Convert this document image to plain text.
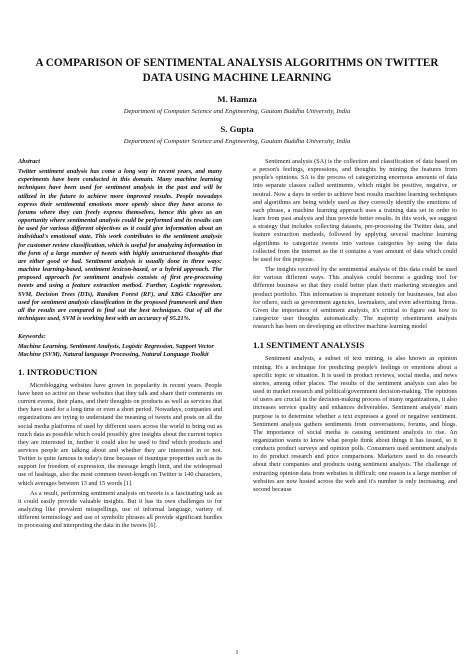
A COMPARISON OF SENTIMENTAL ANALYSIS ALGORITHMS ON TWITTER DATA USING MACHINE LEARNING

M. Hamza

Department of Computer Science and Engineering, Gautam Buddha University, India

S. Gupta

Department of Computer Science and Engineering, Gautam Buddha University, India

Abstract

Twitter sentiment analysis has come a long way in recent years, and many experiments have been conducted in this domain. Many machine learning techniques have been used for sentiment analysis in the past and will be utilized in the future to achieve more improved results. People nowadays express their sentimental emotions more openly since they have access to forums where they can freely express themselves, hence this gives us an opportunity where sentimental analysis could be performed and its results can be used for various different objectives as it could give information about an individual's emotional state. This work contributes to the sentiment analysis for customer review classification, which is useful for analyzing information in the form of a large number of tweets with highly unstructured thoughts that are either good or bad. Sentiment analysis is usually done in three ways: machine learning-based, sentiment lexicon-based, or a hybrid approach. The proposed approach for sentiment analysis consists of first pre-processing tweets and using a feature extraction method. Further, Logistic regression, SVM, Decision Trees (DTs), Random Forest (RF), and XBG Classifier are used for sentiment analysis classification in the proposed framework and then all the results are compared to find out the best techniques. Out of all the techniques used, SVM is working best with an accuracy of 95.21%.

Keywords:

Machine Learning, Sentiment Analysis, Logistic Regression, Support Vector Machine (SVM), Natural language Processing, Natural Language Toolkit

1. INTRODUCTION

Microblogging websites have grown in popularity in recent years. People have been so active on these websites that they talk and share their comments on current events, their plans, and their thoughts on products as well as services that they have used for a long time or even a short period. Nowadays, companies and organizations are trying to understand the meaning of tweets and posts on all the social media platforms of used by different users across the world to bring out as much data as possible which could possibly give insights about the current topics they are interested in, further it could also be used to find which products and services people are talking about and whether they are interested in or not. Twitter is quite famous in today's time because of itsunique properties such as its support for freedom of expression, the message length limit, and the widespread use of hashtags, also the most common tweet-length on Twitter is 140 characters, which averages between 13 and 15 words [1].

As a result, performing sentiment analysis on tweets is a fascinating task as it could easily provide valuable insights. But it has its own challenges to for analyzing like prevalent misspellings, use of informal language, variety of different terminology and use of symbolic phrases all provide significant hurdles in processing and interpreting the data in the tweets [6].

Sentiment analysis (SA) is the collection and classification of data based on a person's feelings, expressions, and thoughts by mining the features from people's opinions. SA is the process of categorizing enormous amounts of data into separate classes called sentiments, which might be positive, negative, or neutral. Now a days in order to achieve best results machine learning techniques and algorithms are being widely used as they correctly identify the emotions of each phrase, a machine learning approach uses a training data set in order to learn from past analysis and thus provide better results. In this work, we suggest a strategy that includes collecting datasets, pre-processing the Twitter data, and feature extraction methods, followed by applying several machine learning algorithms to categorize tweets into various categories by using the data collected from the internet as the it contains a vast amount of data which could be used for this purpose.

The insights received by the sentimental analysis of this data could be used for various different ways. This analysis could become a guiding tool for different business so that they could better plan their marketing strategies and product portfolio. This information is important notonly for businesses, but also for others, such as government agencies, lawmakers, and even advertising firms. Given the importance of sentiment analysis, it's critical to figure out how to categorize user thoughts automatically. The majority ofsentiment analysis research has been on developing an effective machine learning model

1.1 SENTIMENT ANALYSIS

Sentiment analysis, a subset of text mining, is also known as opinion mining. It's a technique for predicting people's feelings or emotions about a specific topic or situation. It is used in product reviews, social media, and news stories, among other places. The results of the sentiment analysis can also be used in market research and political/government decision-making. The opinions of users are crucial in the decision-making process of many organizations, it also increases service quality and enhances deliverables. Sentiment analysis' main purpose is to determine whether a text expresses a good or negative sentiment. Sentiment analysis gathers sentiments from conversations, forums, and blogs. The importance of social media is causing sentiment analysis to rise. An organization wants to know what people think about things it has issued, so it conducts product surveys and opinion polls. Consumers used sentiment analysis to do product research and price comparisons. Marketers used to do research about their companies and products using sentiment analysis. The challenge of extracting opinion data from websites is difficult; one reason is a large number of websites are now hosted across the web and it's number is only increasing, and second because

1
